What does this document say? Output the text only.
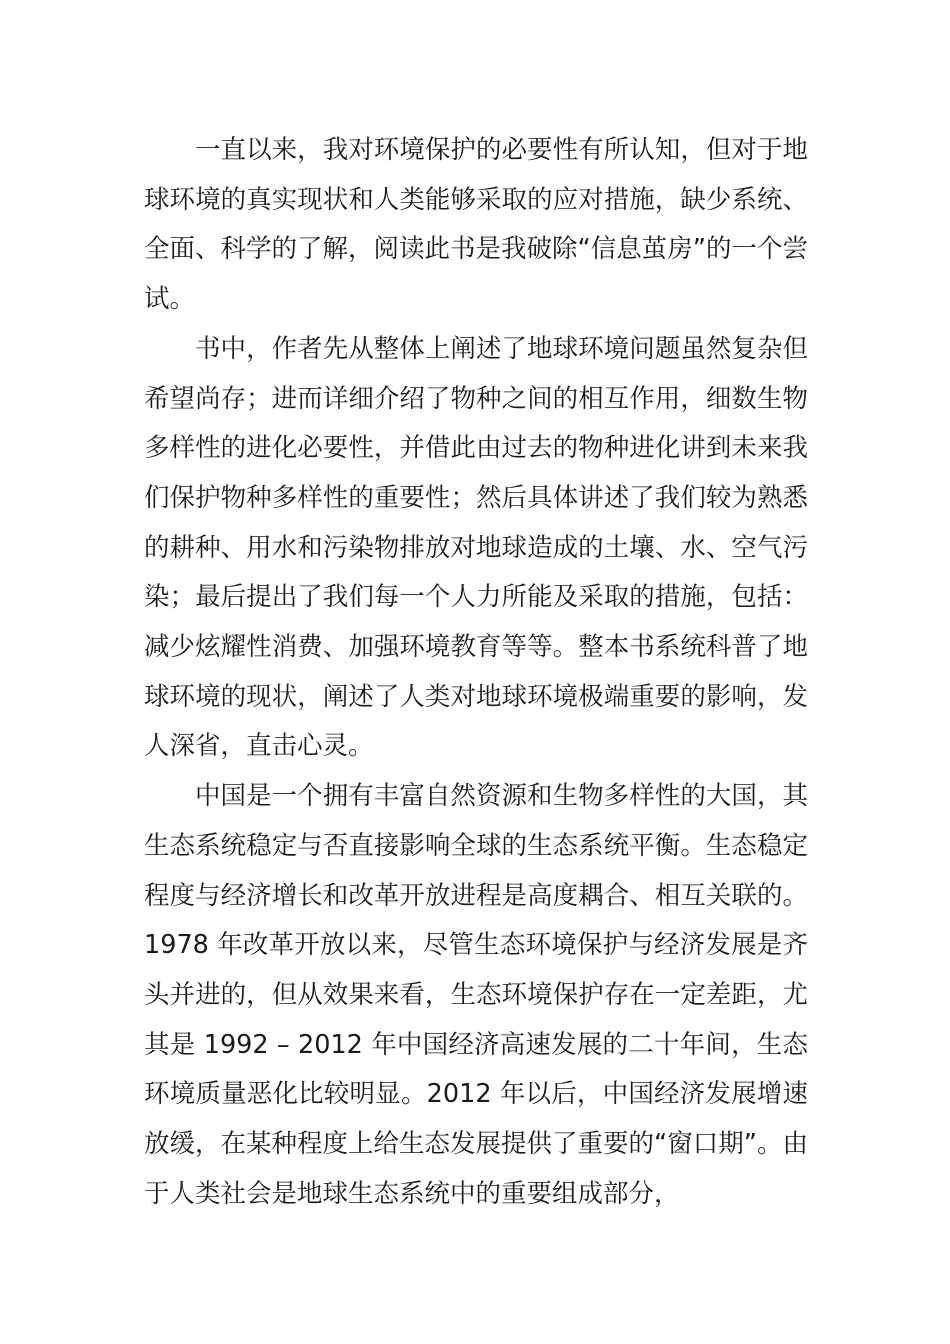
一直以来，我对环境保护的必要性有所认知，但对于地球环境的真实现状和人类能够采取的应对措施，缺少系统、全面、科学的了解，阅读此书是我破除“信息茧房”的一个尝试。

书中，作者先从整体上阐述了地球环境问题虽然复杂但希望尚存；进而详细介绍了物种之间的相互作用，细数生物多样性的进化必要性，并借此由过去的物种进化讲到未来我们保护物种多样性的重要性；然后具体讲述了我们较为熟悉的耕种、用水和污染物排放对地球造成的土壤、水、空气污染；最后提出了我们每一个人力所能及采取的措施，包括：减少炫耀性消费、加强环境教育等等。整本书系统科普了地球环境的现状，阐述了人类对地球环境极端重要的影响，发人深省，直击心灵。

中国是一个拥有丰富自然资源和生物多样性的大国，其生态系统稳定与否直接影响全球的生态系统平衡。生态稳定程度与经济增长和改革开放进程是高度耦合、相互关联的。1978 年改革开放以来，尽管生态环境保护与经济发展是齐头并进的，但从效果来看，生态环境保护存在一定差距，尤其是 1992 – 2012 年中国经济高速发展的二十年间，生态环境质量恶化比较明显。2012 年以后，中国经济发展增速放缓，在某种程度上给生态发展提供了重要的“窗口期”。由于人类社会是地球生态系统中的重要组成部分，
